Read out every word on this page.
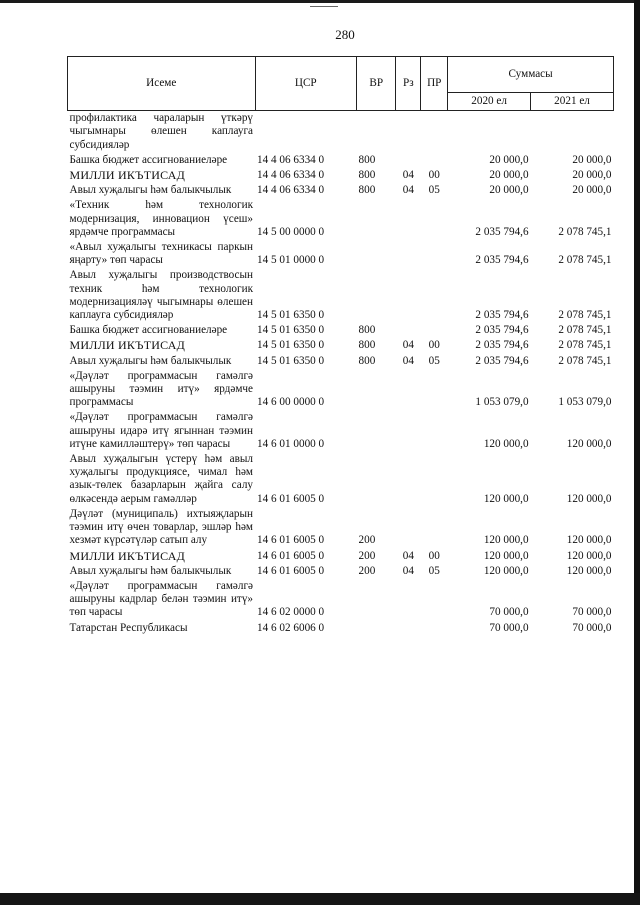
280
Исеме	ЦСР	ВР	Рз	ПР	Суммасы	
					2020 ел	2021 ел
профилактика чараларын үткәрү чыгымнары өлешен каплауга субсидияләр						
Башка бюджет ассигнованиеләре	14 4 06 6334 0	800			20 000,0	20 000,0
МИЛЛИ ИКЪТИСАД	14 4 06 6334 0	800	04	00	20 000,0	20 000,0
Авыл хуҗалыгы һәм балыкчылык	14 4 06 6334 0	800	04	05	20 000,0	20 000,0
«Техник һәм технологик модернизация, инновацион үсеш» ярдәмче программасы	14 5 00 0000 0				2 035 794,6	2 078 745,1
«Авыл хуҗалыгы техникасы паркын яңарту» төп чарасы	14 5 01 0000 0				2 035 794,6	2 078 745,1
Авыл хуҗалыгы производствосын техник һәм технологик модернизацияләү чыгымнары өлешен каплауга субсидияләр	14 5 01 6350 0				2 035 794,6	2 078 745,1
Башка бюджет ассигнованиеләре	14 5 01 6350 0	800			2 035 794,6	2 078 745,1
МИЛЛИ ИКЪТИСАД	14 5 01 6350 0	800	04	00	2 035 794,6	2 078 745,1
Авыл хуҗалыгы һәм балыкчылык	14 5 01 6350 0	800	04	05	2 035 794,6	2 078 745,1
«Дәүләт программасын гамәлгә ашыруны тәэмин итү» ярдәмче программасы	14 6 00 0000 0				1 053 079,0	1 053 079,0
«Дәүләт программасын гамәлгә ашыруны идарә итү ягыннан тәэмин итүне камилләштерү» төп чарасы	14 6 01 0000 0				120 000,0	120 000,0
Авыл хуҗалыгын үстерү һәм авыл хуҗалыгы продукциясе, чимал һәм азык-төлек базарларын җайга салу өлкәсендә аерым гамәлләр	14 6 01 6005 0				120 000,0	120 000,0
Дәүләт (муниципаль) ихтыяҗларын тәэмин итү өчен товарлар, эшләр һәм хезмәт күрсәтүләр сатып алу	14 6 01 6005 0	200			120 000,0	120 000,0
МИЛЛИ ИКЪТИСАД	14 6 01 6005 0	200	04	00	120 000,0	120 000,0
Авыл хуҗалыгы һәм балыкчылык	14 6 01 6005 0	200	04	05	120 000,0	120 000,0
«Дәүләт программасын гамәлгә ашыруны кадрлар белән тәэмин итү» төп чарасы	14 6 02 0000 0				70 000,0	70 000,0
Татарстан Республикасы	14 6 02 6006 0				70 000,0	70 000,0
